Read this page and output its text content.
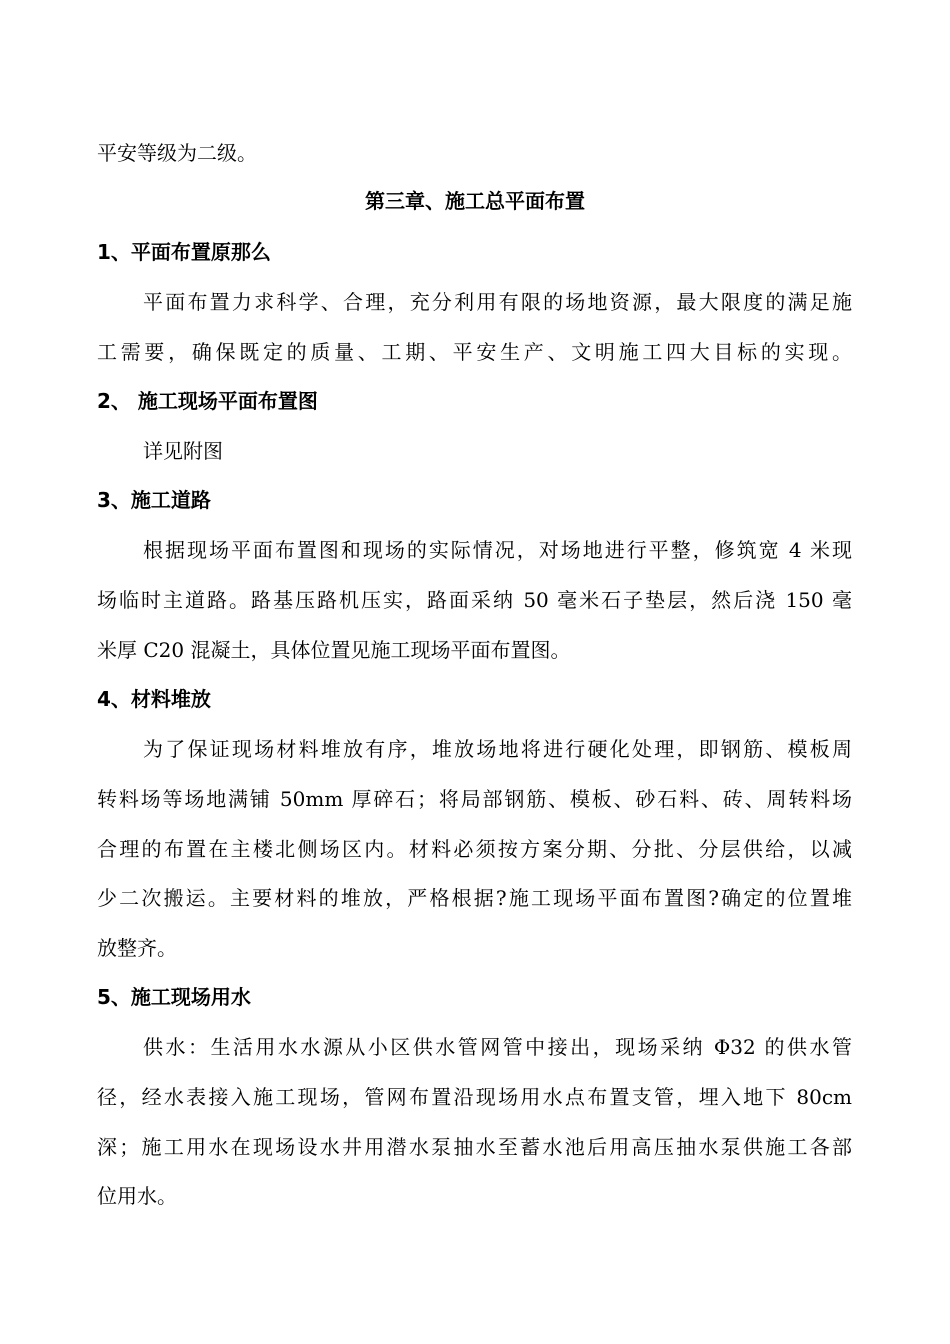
平安等级为二级。
第三章、施工总平面布置
1、平面布置原那么
平面布置力求科学、合理，充分利用有限的场地资源，最大限度的满足施
工需要，确保既定的质量、工期、平安生产、文明施工四大目标的实现。
2、 施工现场平面布置图
详见附图
3、施工道路
根据现场平面布置图和现场的实际情况，对场地进行平整，修筑宽 4 米现
场临时主道路。路基压路机压实，路面采纳 50 毫米石子垫层，然后浇 150 毫
米厚 C20 混凝土，具体位置见施工现场平面布置图。
4、材料堆放
为了保证现场材料堆放有序，堆放场地将进行硬化处理，即钢筋、模板周
转料场等场地满铺 50mm 厚碎石；将局部钢筋、模板、砂石料、砖、周转料场
合理的布置在主楼北侧场区内。材料必须按方案分期、分批、分层供给，以减
少二次搬运。主要材料的堆放，严格根据?施工现场平面布置图?确定的位置堆
放整齐。
5、施工现场用水
供水：生活用水水源从小区供水管网管中接出，现场采纳 Φ32 的供水管
径，经水表接入施工现场，管网布置沿现场用水点布置支管，埋入地下 80cm
深；施工用水在现场设水井用潜水泵抽水至蓄水池后用高压抽水泵供施工各部
位用水。
